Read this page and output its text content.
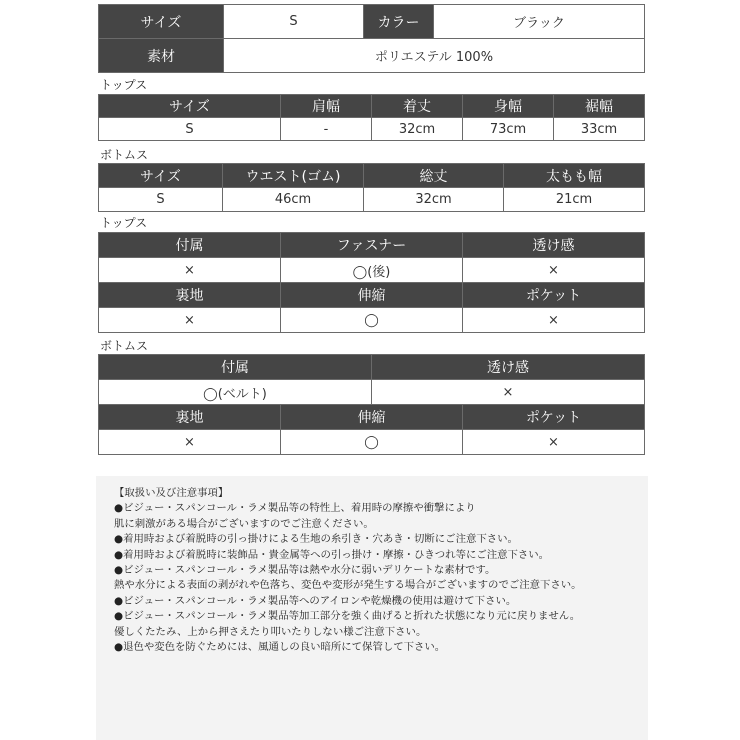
サイズ	S	カラー	ブラック
素材	ポリエステル 100%		
トップス
サイズ	肩幅	着丈	身幅	裾幅
S	-	32cm	73cm	33cm
ボトムス
サイズ	ウエスト(ゴム)	総丈	太もも幅
S	46cm	32cm	21cm
トップス
付属	ファスナー	透け感
×	◯(後)	×
裏地	伸縮	ポケット
×	◯	×
ボトムス
付属		透け感	
◯(ベルト)		×	
裏地	伸縮		ポケット
×	◯		×
【取扱い及び注意事項】
●ビジュー・スパンコール・ラメ製品等の特性上、着用時の摩擦や衝撃により
肌に刺激がある場合がございますのでご注意ください。
●着用時および着脱時の引っ掛けによる生地の糸引き・穴あき・切断にご注意下さい。
●着用時および着脱時に装飾品・貴金属等への引っ掛け・摩擦・ひきつれ等にご注意下さい。
●ビジュー・スパンコール・ラメ製品等は熱や水分に弱いデリケートな素材です。
熱や水分による表面の剥がれや色落ち、変色や変形が発生する場合がございますのでご注意下さい。
●ビジュー・スパンコール・ラメ製品等へのアイロンや乾燥機の使用は避けて下さい。
●ビジュー・スパンコール・ラメ製品等加工部分を強く曲げると折れた状態になり元に戻りません。
優しくたたみ、上から押さえたり叩いたりしない様ご注意下さい。
●退色や変色を防ぐためには、風通しの良い暗所にて保管して下さい。
